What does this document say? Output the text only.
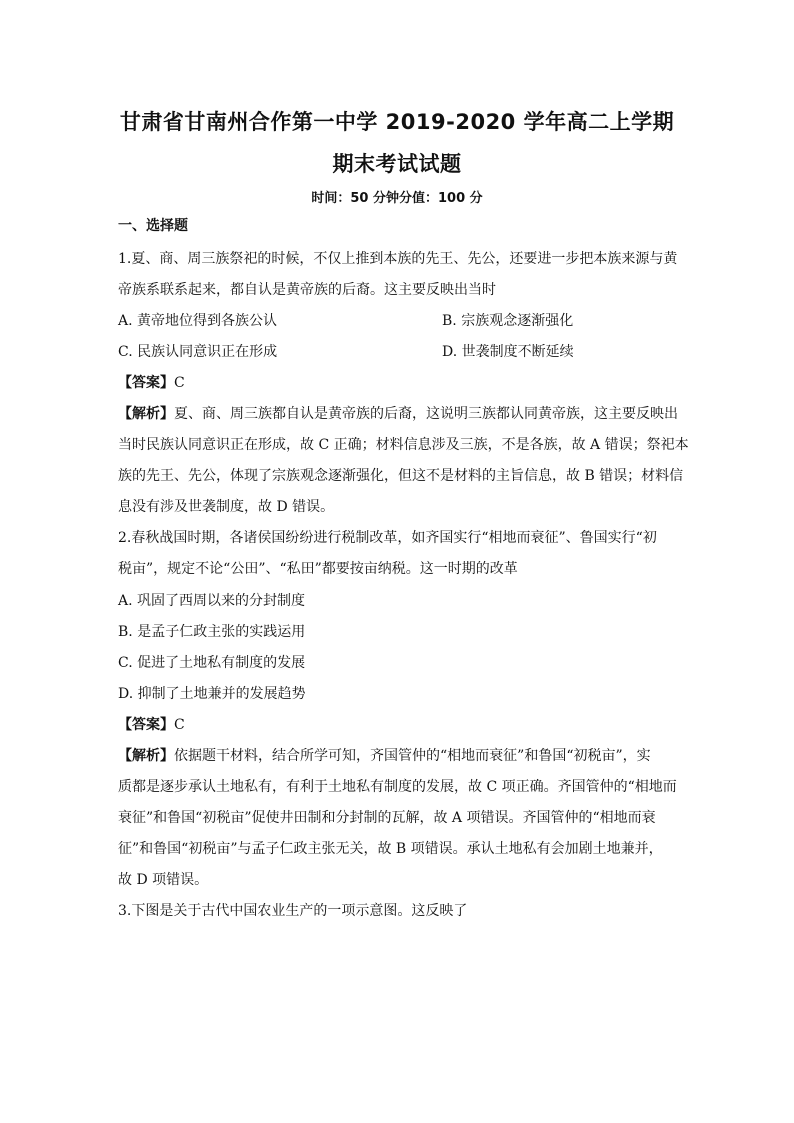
甘肃省甘南州合作第一中学 2019-2020 学年高二上学期
期末考试试题
时间：50 分钟分值：100 分
一、选择题
1.夏、商、周三族祭祀的时候，不仅上推到本族的先王、先公，还要进一步把本族来源与黄
帝族系联系起来，都自认是黄帝族的后裔。这主要反映出当时
A. 黄帝地位得到各族公认	B. 宗族观念逐渐强化
C. 民族认同意识正在形成	D. 世袭制度不断延续
【答案】C
【解析】夏、商、周三族都自认是黄帝族的后裔，这说明三族都认同黄帝族，这主要反映出
当时民族认同意识正在形成，故 C 正确；材料信息涉及三族，不是各族，故 A 错误；祭祀本
族的先王、先公，体现了宗族观念逐渐强化，但这不是材料的主旨信息，故 B 错误；材料信
息没有涉及世袭制度，故 D 错误。
2.春秋战国时期，各诸侯国纷纷进行税制改革，如齐国实行“相地而衰征”、鲁国实行“初
税亩”，规定不论“公田”、“私田”都要按亩纳税。这一时期的改革
A. 巩固了西周以来的分封制度
B. 是孟子仁政主张的实践运用
C. 促进了土地私有制度的发展
D. 抑制了土地兼并的发展趋势
【答案】C
【解析】依据题干材料，结合所学可知，齐国管仲的“相地而衰征”和鲁国“初税亩”，实
质都是逐步承认土地私有，有利于土地私有制度的发展，故 C 项正确。齐国管仲的“相地而
衰征”和鲁国“初税亩”促使井田制和分封制的瓦解，故 A 项错误。齐国管仲的“相地而衰
征”和鲁国“初税亩”与孟子仁政主张无关，故 B 项错误。承认土地私有会加剧土地兼并，
故 D 项错误。
3.下图是关于古代中国农业生产的一项示意图。这反映了
